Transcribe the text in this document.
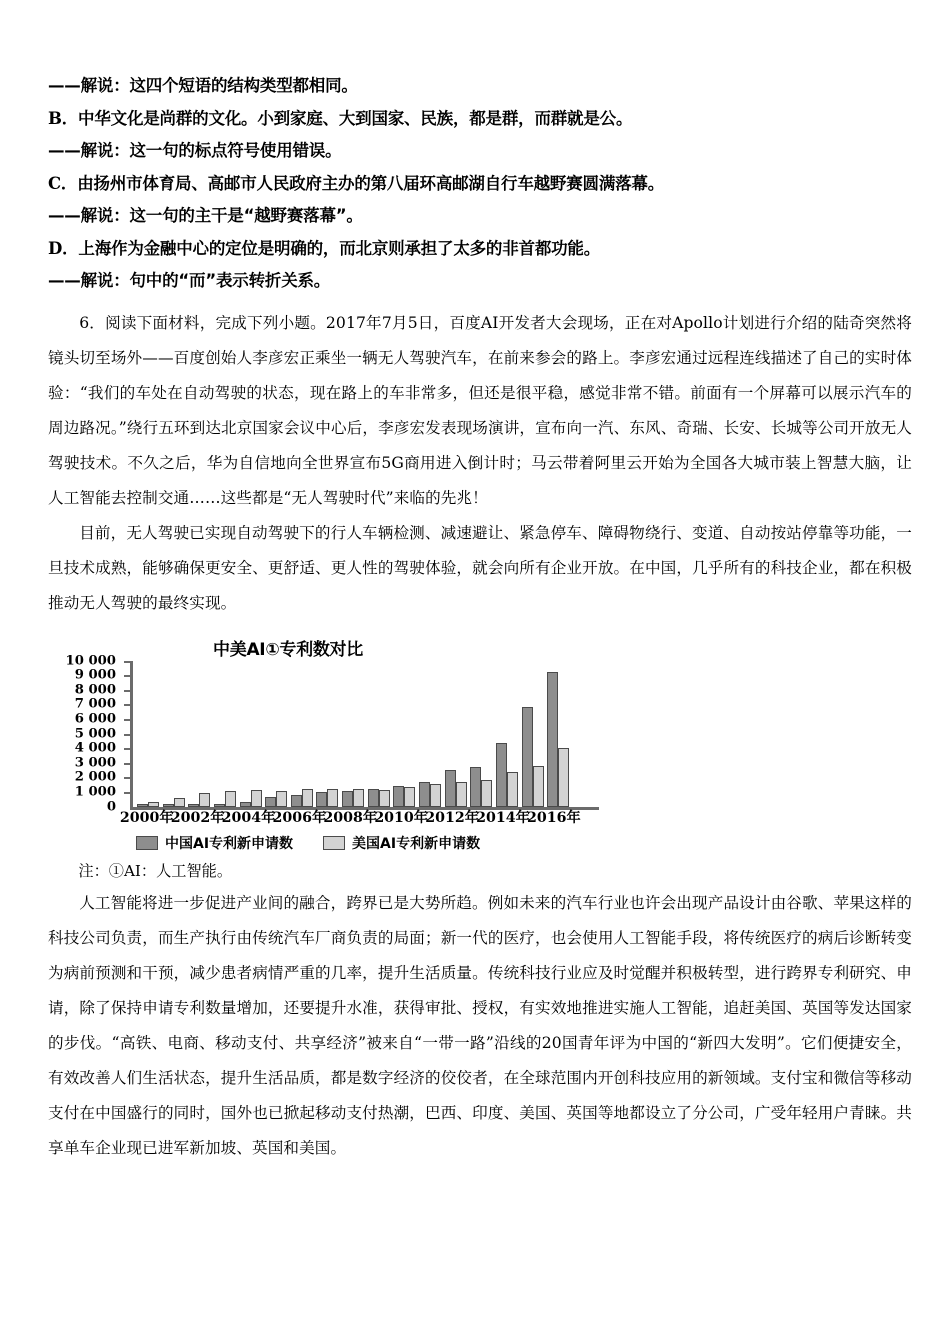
——解说：这四个短语的结构类型都相同。

B．中华文化是尚群的文化。小到家庭、大到国家、民族，都是群，而群就是公。

——解说：这一句的标点符号使用错误。

C．由扬州市体育局、高邮市人民政府主办的第八届环高邮湖自行车越野赛圆满落幕。

——解说：这一句的主干是“越野赛落幕”。

D．上海作为金融中心的定位是明确的，而北京则承担了太多的非首都功能。

——解说：句中的“而”表示转折关系。

6．阅读下面材料，完成下列小题。2017年7月5日，百度AI开发者大会现场，正在对Apollo计划进行介绍的陆奇突然将镜头切至场外——百度创始人李彦宏正乘坐一辆无人驾驶汽车，在前来参会的路上。李彦宏通过远程连线描述了自己的实时体验：“我们的车处在自动驾驶的状态，现在路上的车非常多，但还是很平稳，感觉非常不错。前面有一个屏幕可以展示汽车的周边路况。”绕行五环到达北京国家会议中心后，李彦宏发表现场演讲，宣布向一汽、东风、奇瑞、长安、长城等公司开放无人驾驶技术。不久之后，华为自信地向全世界宣布5G商用进入倒计时；马云带着阿里云开始为全国各大城市装上智慧大脑，让人工智能去控制交通……这些都是“无人驾驶时代”来临的先兆！

目前，无人驾驶已实现自动驾驶下的行人车辆检测、减速避让、紧急停车、障碍物绕行、变道、自动按站停靠等功能，一旦技术成熟，能够确保更安全、更舒适、更人性的驾驶体验，就会向所有企业开放。在中国，几乎所有的科技企业，都在积极推动无人驾驶的最终实现。

中美AI①专利数对比
10 000
9 000
8 000
7 000
6 000
5 000
4 000
3 000
2 000
1 000
0
2000年
2002年
2004年
2006年
2008年
2010年
2012年
2014年
2016年
中国AI专利新申请数	美国AI专利新申请数

注：①AI：人工智能。

人工智能将进一步促进产业间的融合，跨界已是大势所趋。例如未来的汽车行业也许会出现产品设计由谷歌、苹果这样的科技公司负责，而生产执行由传统汽车厂商负责的局面；新一代的医疗，也会使用人工智能手段，将传统医疗的病后诊断转变为病前预测和干预，减少患者病情严重的几率，提升生活质量。传统科技行业应及时觉醒并积极转型，进行跨界专利研究、申请，除了保持申请专利数量增加，还要提升水准，获得审批、授权，有实效地推进实施人工智能，追赶美国、英国等发达国家的步伐。“高铁、电商、移动支付、共享经济”被来自“一带一路”沿线的20国青年评为中国的“新四大发明”。它们便捷安全，有效改善人们生活状态，提升生活品质，都是数字经济的佼佼者，在全球范围内开创科技应用的新领域。支付宝和微信等移动支付在中国盛行的同时，国外也已掀起移动支付热潮，巴西、印度、美国、英国等地都设立了分公司，广受年轻用户青睐。共享单车企业现已进军新加坡、英国和美国。
